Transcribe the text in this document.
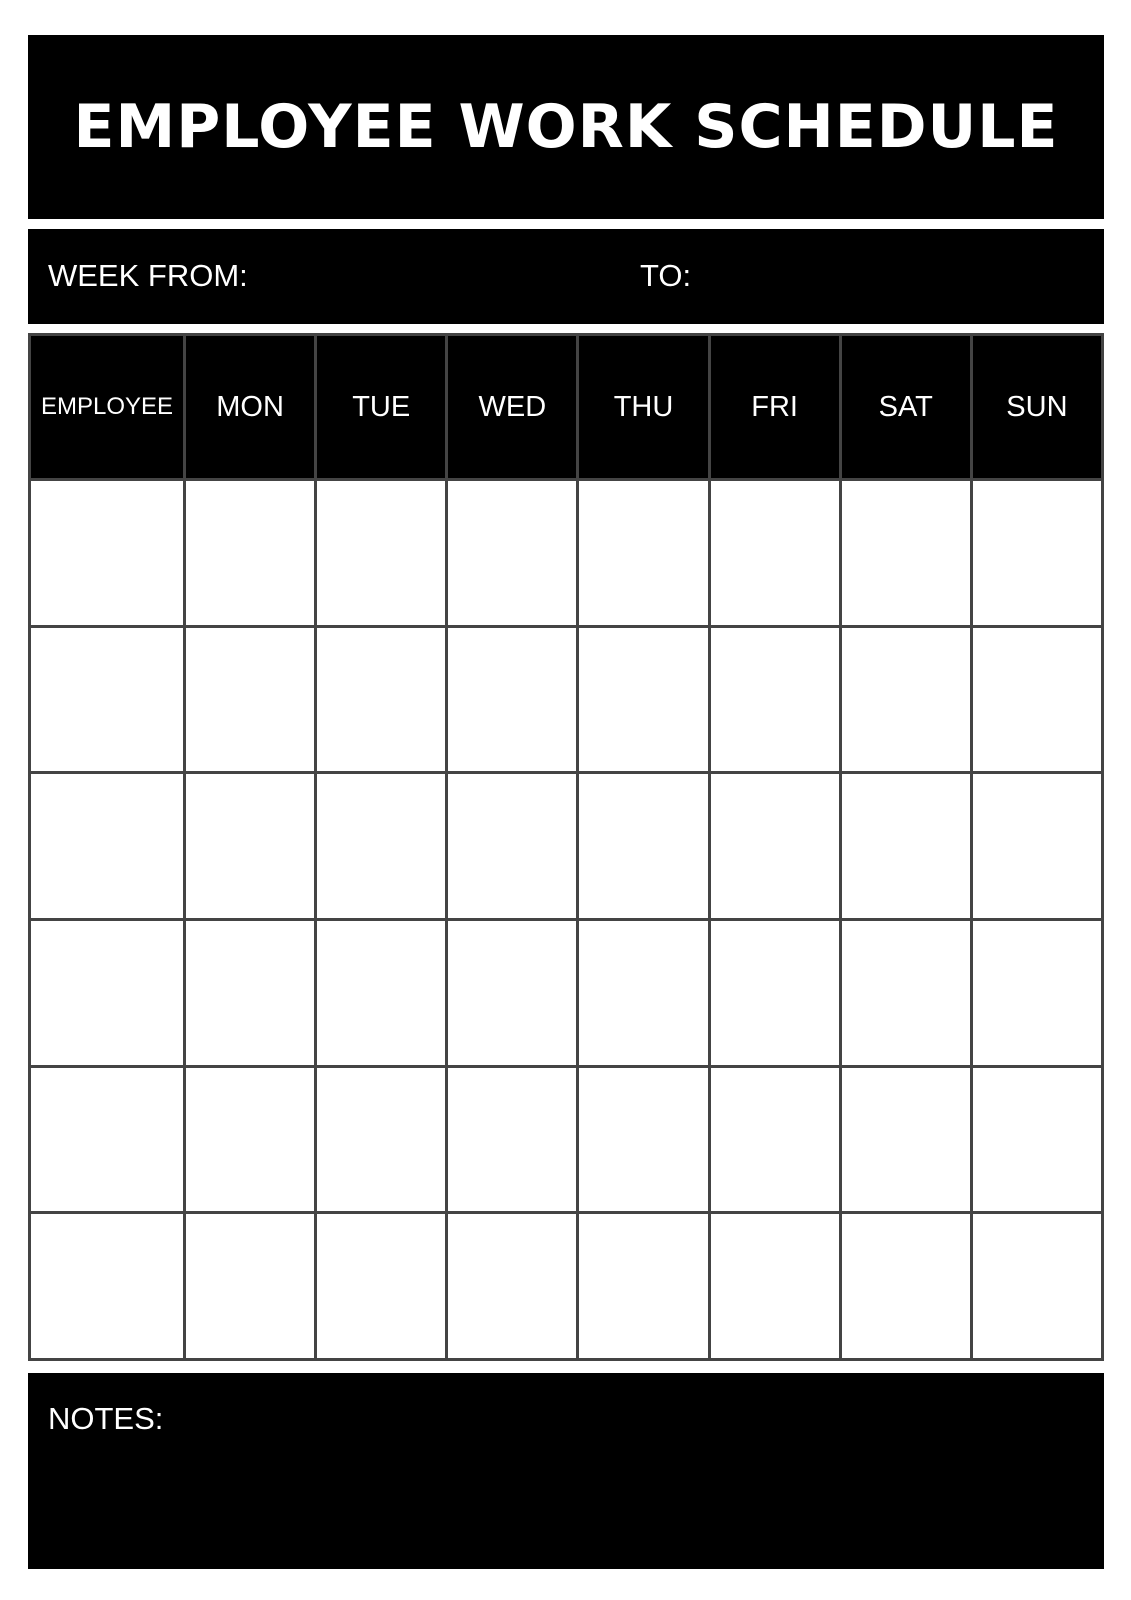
EMPLOYEE WORK SCHEDULE
WEEK FROM:	TO:
EMPLOYEE	MON	TUE	WED	THU	FRI	SAT	SUN

NOTES:
